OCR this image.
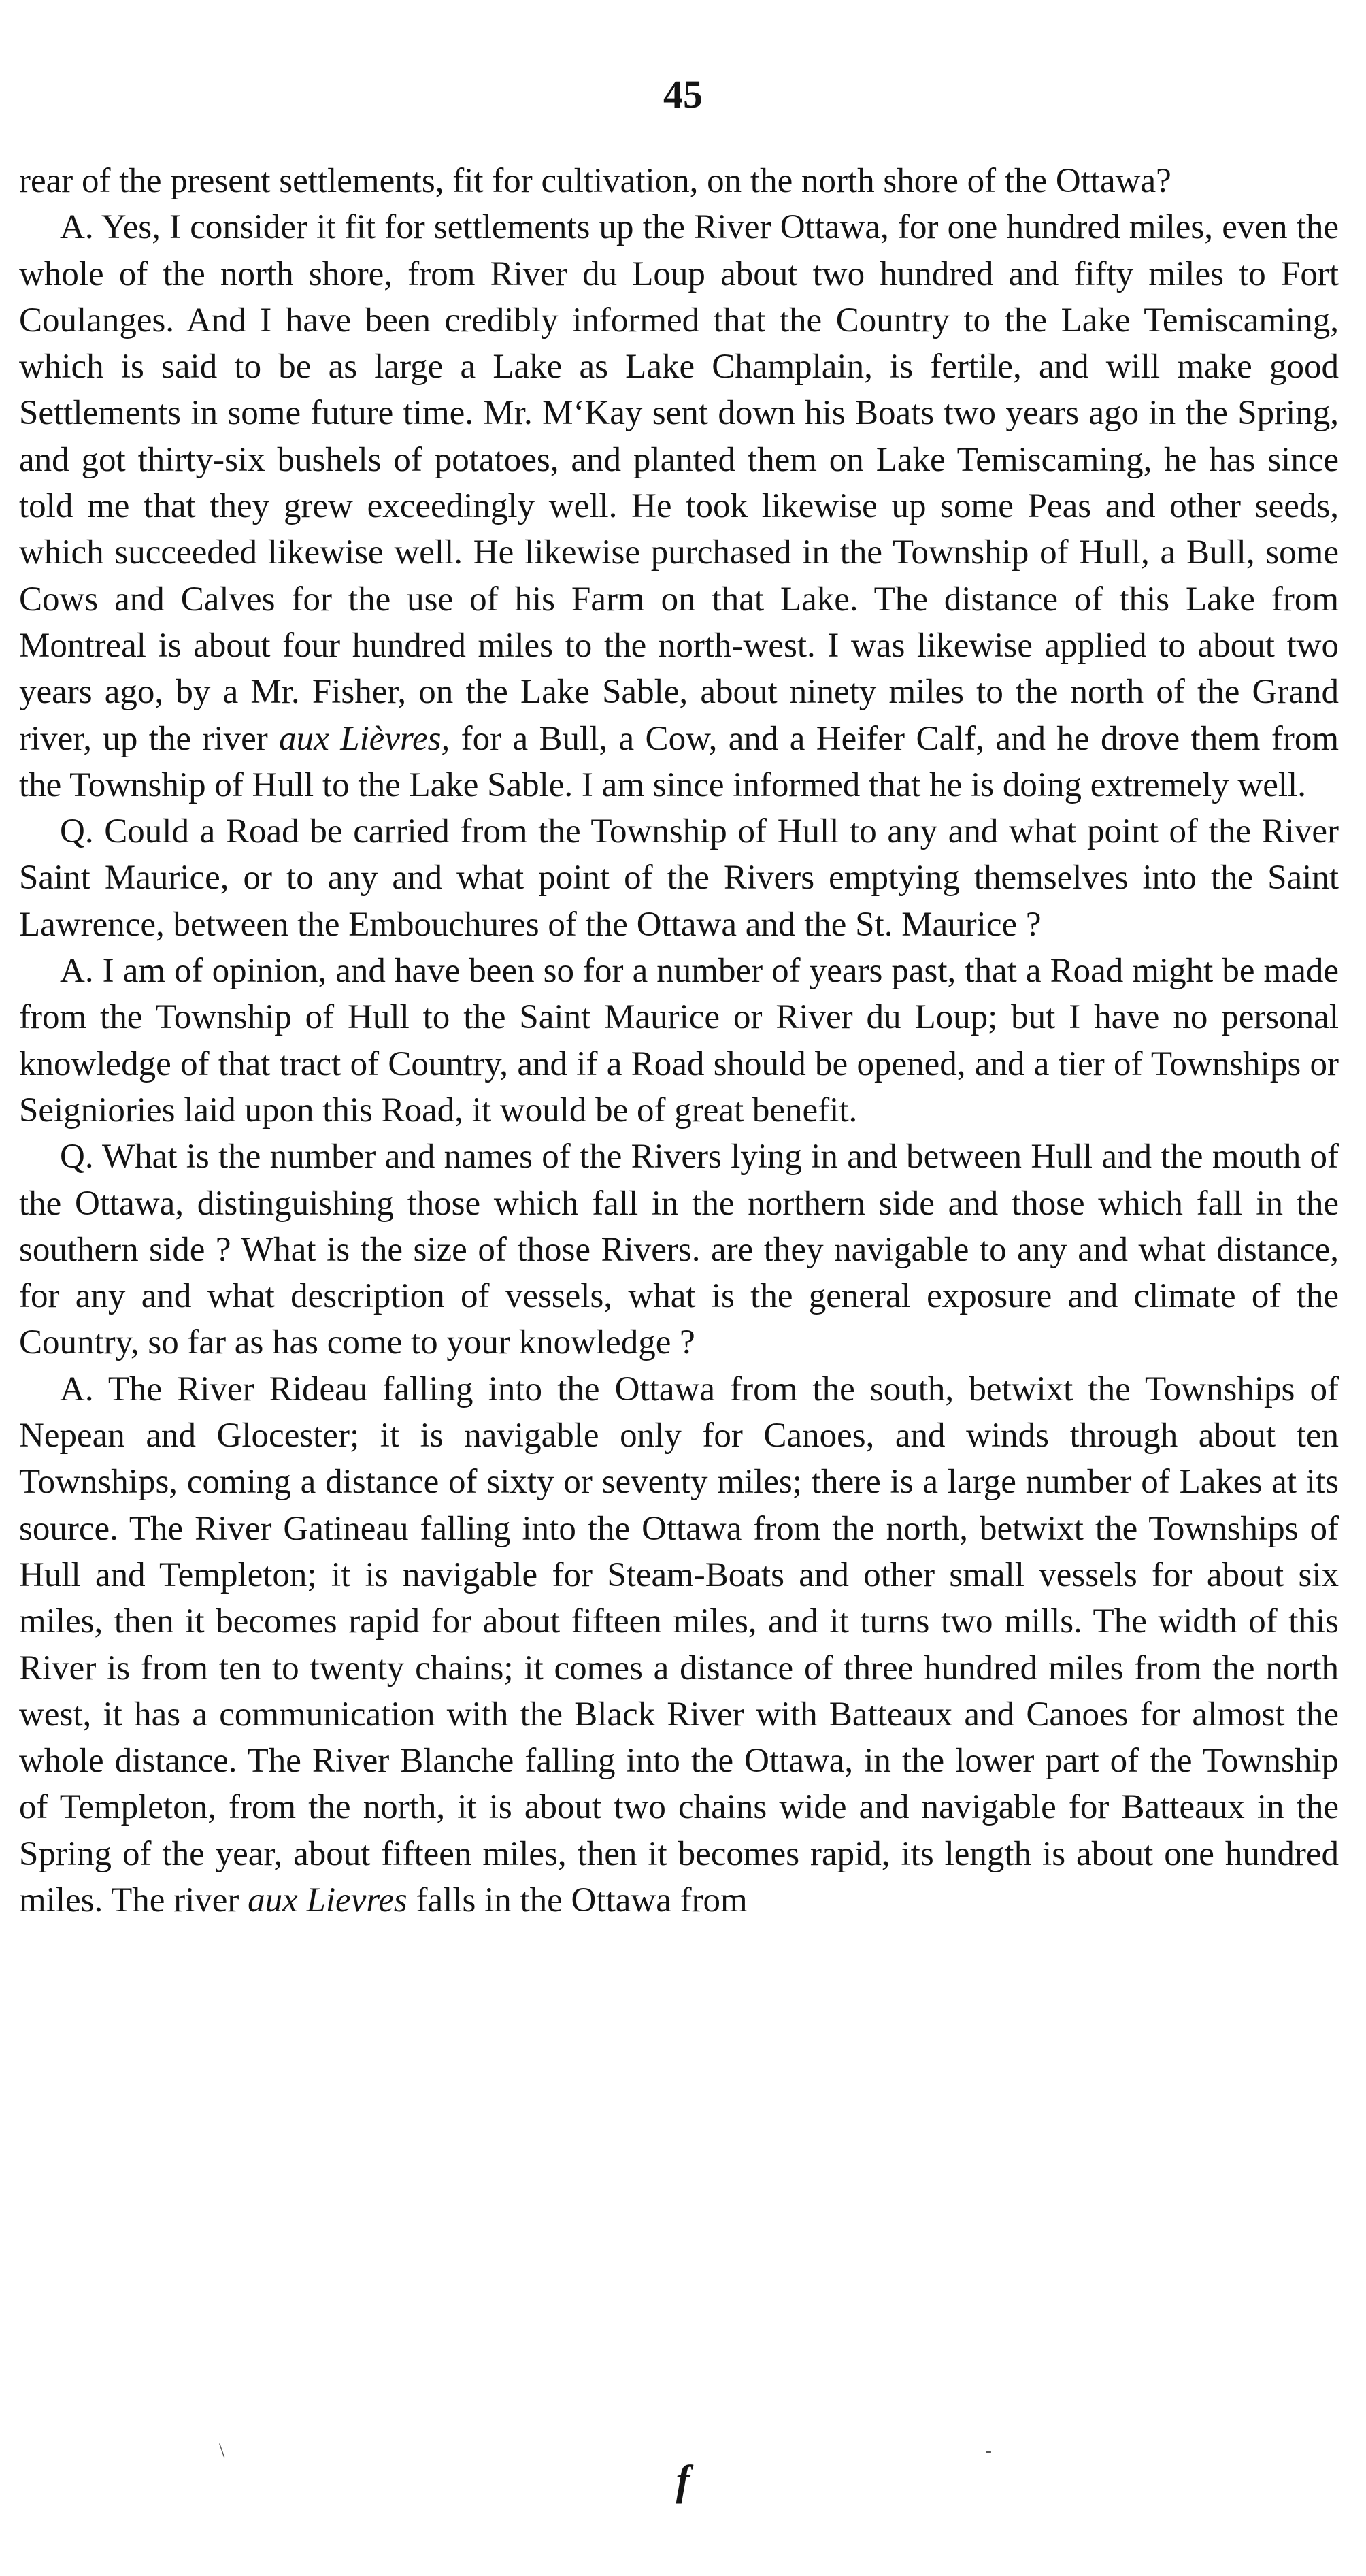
45

rear of the present settlements, fit for cultivation, on the north shore of the Ottawa?

A. Yes, I consider it fit for settlements up the River Ottawa, for one hundred miles, even the whole of the north shore, from River du Loup about two hundred and fifty miles to Fort Coulanges. And I have been credibly informed that the Country to the Lake Temiscaming, which is said to be as large a Lake as Lake Champlain, is fertile, and will make good Settlements in some future time. Mr. M‘Kay sent down his Boats two years ago in the Spring, and got thirty-six bushels of potatoes, and planted them on Lake Temiscaming, he has since told me that they grew exceedingly well. He took likewise up some Peas and other seeds, which succeeded likewise well. He likewise purchased in the Township of Hull, a Bull, some Cows and Calves for the use of his Farm on that Lake. The distance of this Lake from Montreal is about four hundred miles to the north-west. I was likewise applied to about two years ago, by a Mr. Fisher, on the Lake Sable, about ninety miles to the north of the Grand river, up the river aux Lièvres, for a Bull, a Cow, and a Heifer Calf, and he drove them from the Township of Hull to the Lake Sable. I am since informed that he is doing extremely well.

Q. Could a Road be carried from the Township of Hull to any and what point of the River Saint Maurice, or to any and what point of the Rivers emptying themselves into the Saint Lawrence, between the Embouchures of the Ottawa and the St. Maurice ?

A. I am of opinion, and have been so for a number of years past, that a Road might be made from the Township of Hull to the Saint Maurice or River du Loup; but I have no personal knowledge of that tract of Country, and if a Road should be opened, and a tier of Townships or Seigniories laid upon this Road, it would be of great benefit.

Q. What is the number and names of the Rivers lying in and between Hull and the mouth of the Ottawa, distinguishing those which fall in the northern side and those which fall in the southern side ? What is the size of those Rivers. are they navigable to any and what distance, for any and what description of vessels, what is the general exposure and climate of the Country, so far as has come to your knowledge ?

A. The River Rideau falling into the Ottawa from the south, betwixt the Townships of Nepean and Glocester; it is navigable only for Canoes, and winds through about ten Townships, coming a distance of sixty or seventy miles; there is a large number of Lakes at its source. The River Gatineau falling into the Ottawa from the north, betwixt the Townships of Hull and Templeton; it is navigable for Steam-Boats and other small vessels for about six miles, then it becomes rapid for about fifteen miles, and it turns two mills. The width of this River is from ten to twenty chains; it comes a distance of three hundred miles from the north west, it has a communication with the Black River with Batteaux and Canoes for almost the whole distance. The River Blanche falling into the Ottawa, in the lower part of the Township of Templeton, from the north, it is about two chains wide and navigable for Batteaux in the Spring of the year, about fifteen miles, then it becomes rapid, its length is about one hundred miles. The river aux Lievres falls in the Ottawa from

\	-
f
